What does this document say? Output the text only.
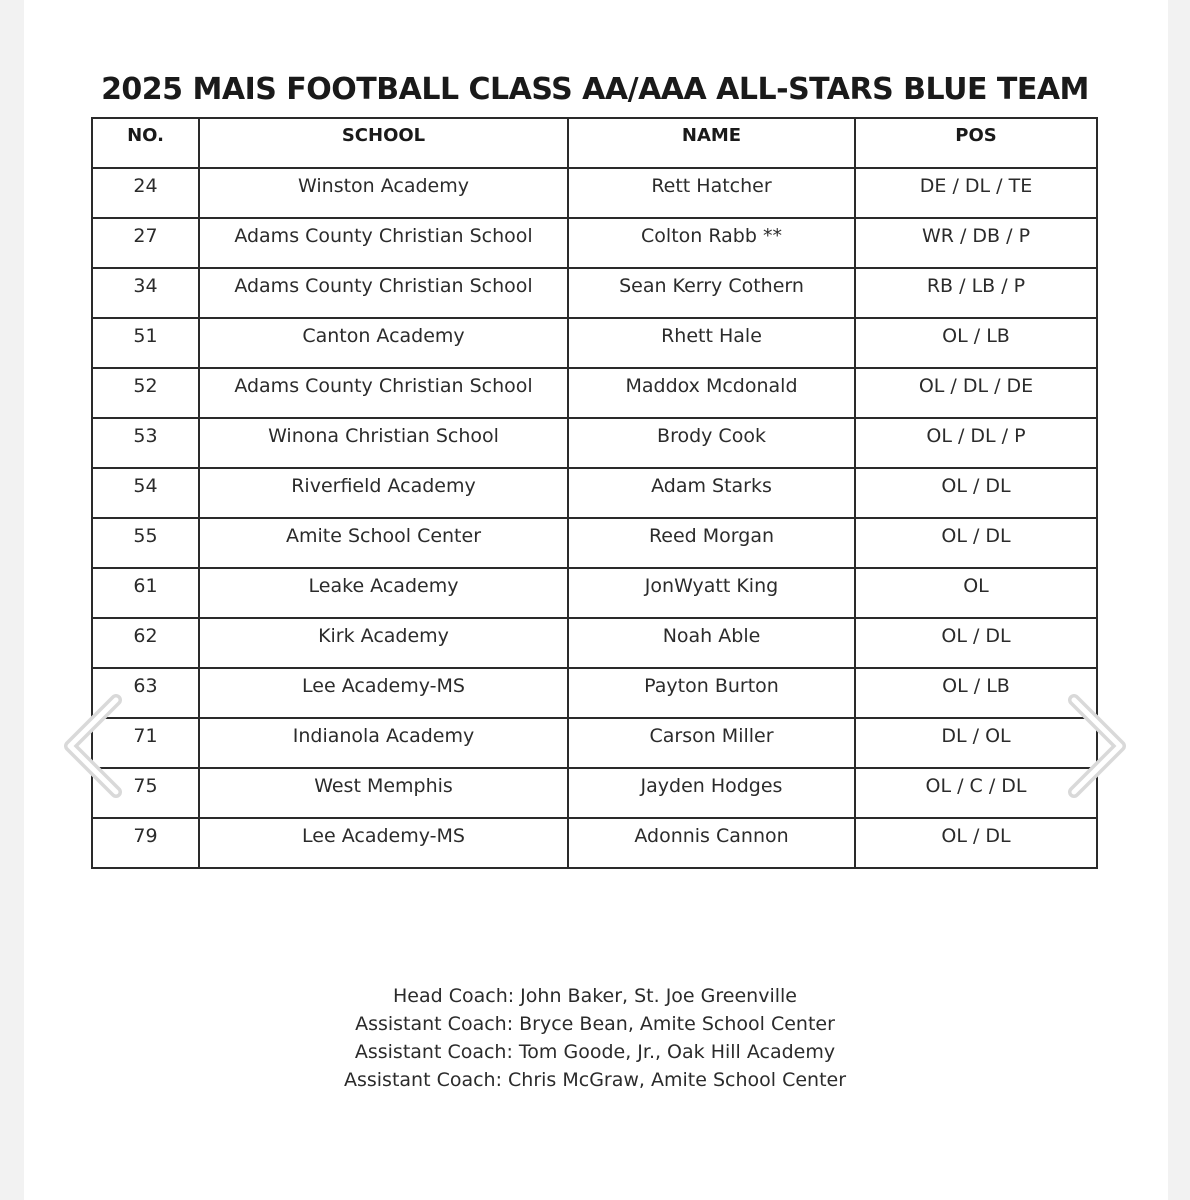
2025 MAIS FOOTBALL CLASS AA/AAA ALL-STARS BLUE TEAM
NO.	SCHOOL	NAME	POS
24	Winston Academy	Rett Hatcher	DE / DL / TE
27	Adams County Christian School	Colton Rabb **	WR / DB / P
34	Adams County Christian School	Sean Kerry Cothern	RB / LB / P
51	Canton Academy	Rhett Hale	OL / LB
52	Adams County Christian School	Maddox Mcdonald	OL / DL / DE
53	Winona Christian School	Brody Cook	OL / DL / P
54	Riverfield Academy	Adam Starks	OL / DL
55	Amite School Center	Reed Morgan	OL / DL
61	Leake Academy	JonWyatt King	OL
62	Kirk Academy	Noah Able	OL / DL
63	Lee Academy-MS	Payton Burton	OL / LB
71	Indianola Academy	Carson Miller	DL / OL
75	West Memphis	Jayden Hodges	OL / C / DL
79	Lee Academy-MS	Adonnis Cannon	OL / DL
Head Coach: John Baker, St. Joe Greenville
Assistant Coach: Bryce Bean, Amite School Center
Assistant Coach: Tom Goode, Jr., Oak Hill Academy
Assistant Coach: Chris McGraw, Amite School Center
